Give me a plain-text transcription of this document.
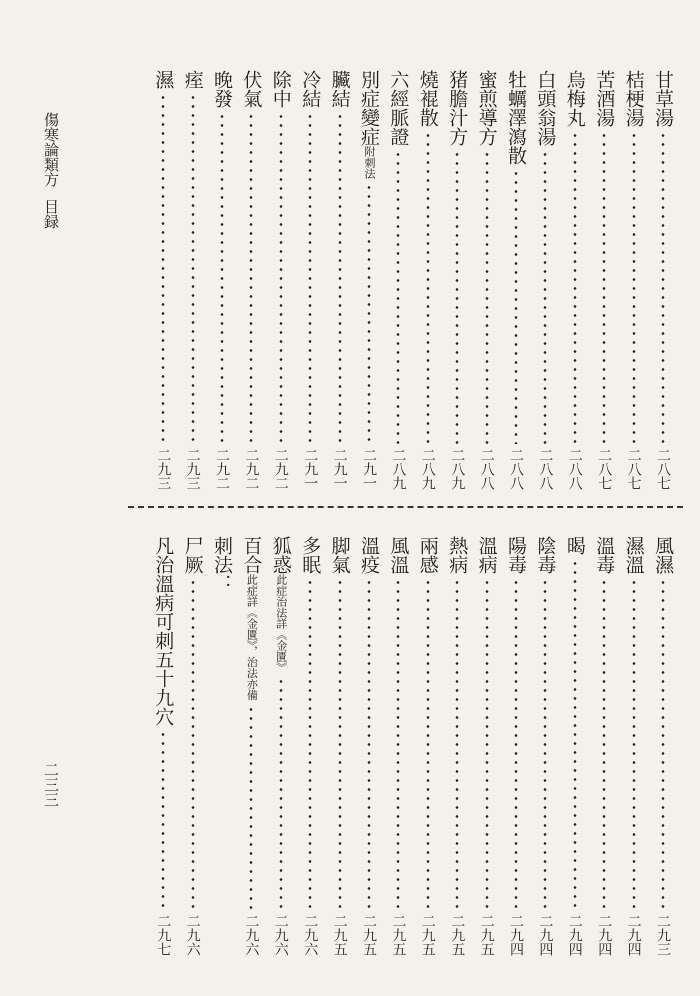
甘草湯
二八七
桔梗湯
二八七
苦酒湯
二八七
烏梅丸
二八八
白頭翁湯
二八八
牡蠣澤瀉散
二八八
蜜煎導方
二八八
猪膽汁方
二八九
燒裩散
二八九
六經脈證
二八九
別症變症
附刺法
二九一
臟結
二九一
冷結
二九一
除中
二九二
伏氣
二九二
晚發
二九二
痓
二九三
濕
二九三
風濕
二九三
濕溫
二九四
溫毒
二九四
暍
二九四
陰毒
二九四
陽毒
二九四
溫病
二九五
熱病
二九五
兩感
二九五
風溫
二九五
溫疫
二九五
脚氣
二九五
多眠
二九六
狐惑
此症治法詳《金匱》
二九六
百合
此症詳《金匱》，治法亦備
二九六
刺法：
尸厥
二九六
凡治溫病可刺五十九穴
二九七
傷寒論類方目録
二三三
